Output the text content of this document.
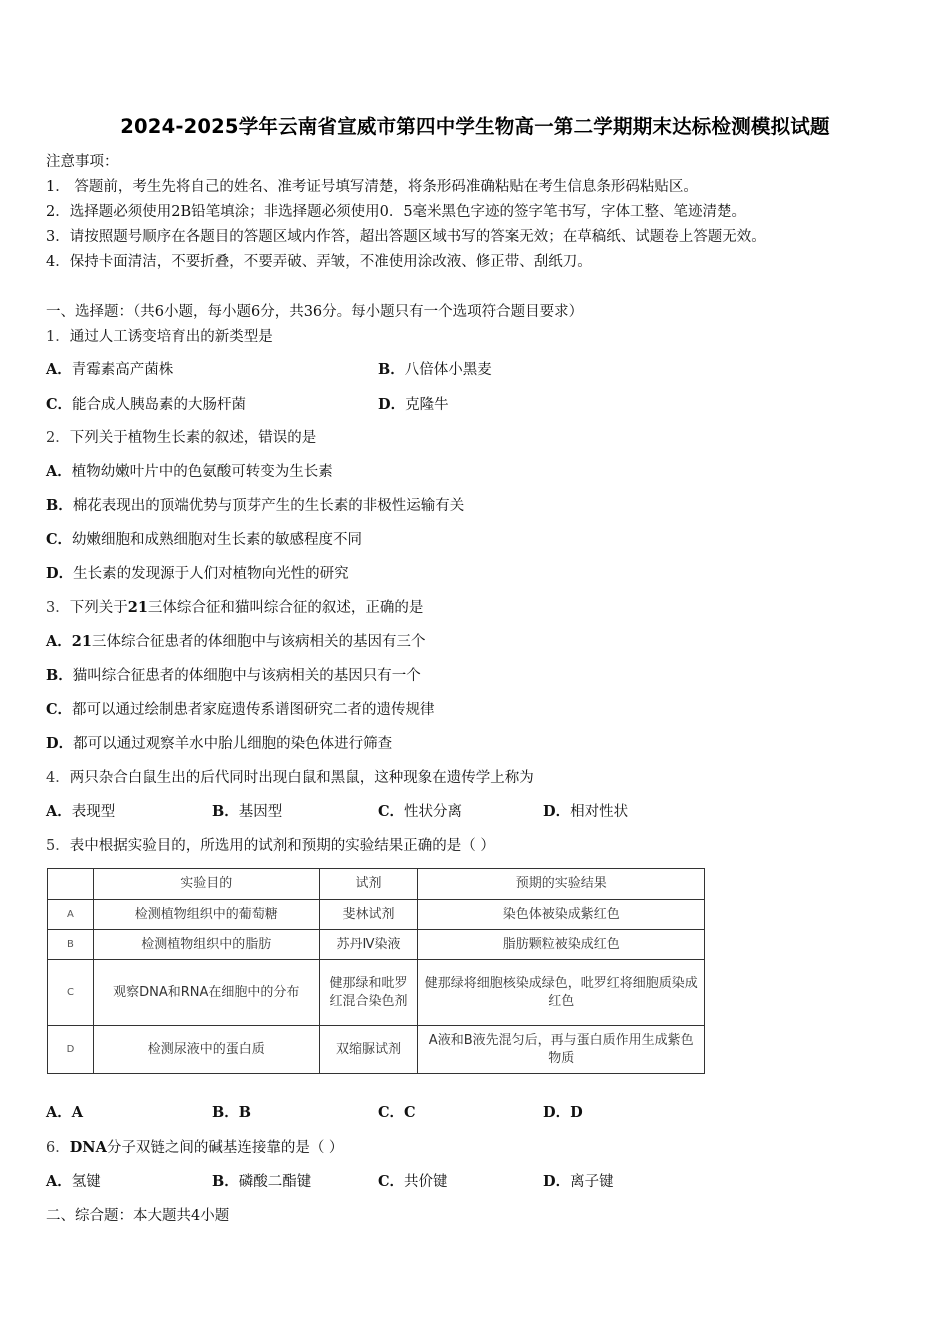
2024-2025学年云南省宣威市第四中学生物高一第二学期期末达标检测模拟试题
注意事项：
1． 答题前，考生先将自己的姓名、准考证号填写清楚，将条形码准确粘贴在考生信息条形码粘贴区。
2．选择题必须使用2B铅笔填涂；非选择题必须使用0．5毫米黑色字迹的签字笔书写，字体工整、笔迹清楚。
3．请按照题号顺序在各题目的答题区域内作答，超出答题区域书写的答案无效；在草稿纸、试题卷上答题无效。
4．保持卡面清洁，不要折叠，不要弄破、弄皱，不准使用涂改液、修正带、刮纸刀。
一、选择题：（共6小题，每小题6分，共36分。每小题只有一个选项符合题目要求）
1．通过人工诱变培育出的新类型是
A．青霉素高产菌株	B．八倍体小黑麦
C．能合成人胰岛素的大肠杆菌	D．克隆牛
2．下列关于植物生长素的叙述，错误的是
A．植物幼嫩叶片中的色氨酸可转变为生长素
B．棉花表现出的顶端优势与顶芽产生的生长素的非极性运输有关
C．幼嫩细胞和成熟细胞对生长素的敏感程度不同
D．生长素的发现源于人们对植物向光性的研究
3．下列关于21三体综合征和猫叫综合征的叙述，正确的是
A．21三体综合征患者的体细胞中与该病相关的基因有三个
B．猫叫综合征患者的体细胞中与该病相关的基因只有一个
C．都可以通过绘制患者家庭遗传系谱图研究二者的遗传规律
D．都可以通过观察羊水中胎儿细胞的染色体进行筛查
4．两只杂合白鼠生出的后代同时出现白鼠和黑鼠，这种现象在遗传学上称为
A．表现型	B．基因型	C．性状分离	D．相对性状
5．表中根据实验目的，所选用的试剂和预期的实验结果正确的是（ ）
	实验目的	试剂	预期的实验结果
A	检测植物组织中的葡萄糖	斐林试剂	染色体被染成紫红色
B	检测植物组织中的脂肪	苏丹Ⅳ染液	脂肪颗粒被染成红色
C	观察DNA和RNA在细胞中的分布	健那绿和吡罗红混合染色剂	健那绿将细胞核染成绿色，吡罗红将细胞质染成红色
D	检测尿液中的蛋白质	双缩脲试剂	A液和B液先混匀后，再与蛋白质作用生成紫色物质
A．A	B．B	C．C	D．D
6．DNA分子双链之间的碱基连接靠的是（ ）
A．氢键	B．磷酸二酯键	C．共价键	D．离子键
二、综合题：本大题共4小题
